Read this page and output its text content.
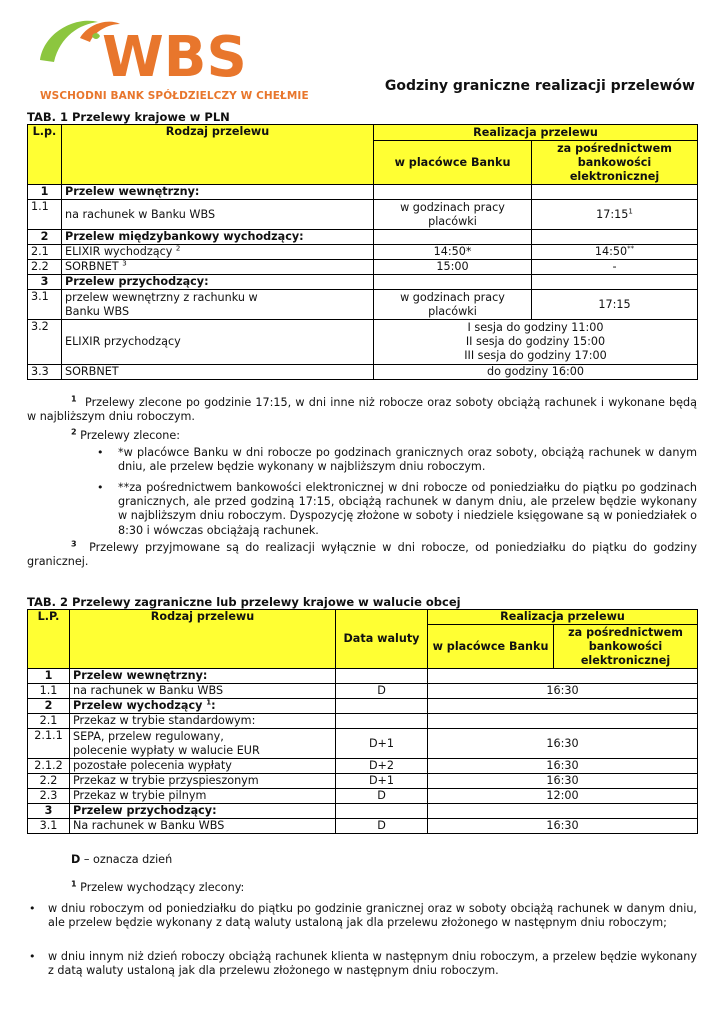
WBS
WSCHODNI BANK SPÓŁDZIELCZY W CHEŁMIE
Godziny graniczne realizacji przelewów
TAB. 1 Przelewy krajowe w PLN
L.p.	Rodzaj przelewu	Realizacja przelewu	
		w placówce Banku	za pośrednictwem bankowości elektronicznej
1	Przelew wewnętrzny:		
1.1	na rachunek w Banku WBS	w godzinach pracy placówki	$17:15^1$
2	Przelew międzybankowy wychodzący:		
2.1	ELIXIR wychodzący $^2$	14:50*	14:50**
2.2	SORBNET $^3$	15:00	-
3	Przelew przychodzący:		
3.1	przelew wewnętrzny z rachunku w Banku WBS	w godzinach pracy placówki	17:15
3.2	ELIXIR przychodzący	I sesja do godziny 11:00
II sesja do godziny 15:00
III sesja do godziny 17:00	

3.3	SORBNET	do godziny 16:00	
$^1$ Przelewy zlecone po godzinie 17:15, w dni inne niż robocze oraz soboty obciążą rachunek i wykonane będą w najbliższym dniu roboczym.
$^2$ Przelewy zlecone:
• *w placówce Banku w dni robocze po godzinach granicznych oraz soboty, obciążą rachunek w danym dniu, ale przelew będzie wykonany w najbliższym dniu roboczym.
• **za pośrednictwem bankowości elektronicznej w dni robocze od poniedziałku do piątku po godzinach granicznych, ale przed godziną 17:15, obciążą rachunek w danym dniu, ale przelew będzie wykonany w najbliższym dniu roboczym. Dyspozycję złożone w soboty i niedziele księgowane są w poniedziałek o 8:30 i wówczas obciążają rachunek.
$^3$ Przelewy przyjmowane są do realizacji wyłącznie w dni robocze, od poniedziałku do piątku do godziny granicznej.
TAB. 2 Przelewy zagraniczne lub przelewy krajowe w walucie obcej
L.P.	Rodzaj przelewu	Data waluty	Realizacja przelewu	
			w placówce Banku	za pośrednictwem bankowości elektronicznej
1	Przelew wewnętrzny:			
1.1	na rachunek w Banku WBS	D	16:30	
2	Przelew wychodzący $^1$:			
2.1	Przekaz w trybie standardowym:			
2.1.1	SEPA, przelew regulowany, polecenie wypłaty w walucie EUR	D+1	16:30	
2.1.2	pozostałe polecenia wypłaty	D+2	16:30	
2.2	Przekaz w trybie przyspieszonym	D+1	16:30	
2.3	Przekaz w trybie pilnym	D	12:00	
3	Przelew przychodzący:			
3.1	Na rachunek w Banku WBS	D	16:30	
D – oznacza dzień
$^1$ Przelew wychodzący zlecony:
• w dniu roboczym od poniedziałku do piątku po godzinie granicznej oraz w soboty obciążą rachunek w danym dniu, ale przelew będzie wykonany z datą waluty ustaloną jak dla przelewu złożonego w następnym dniu roboczym;
• w dniu innym niż dzień roboczy obciążą rachunek klienta w następnym dniu roboczym, a przelew będzie wykonany z datą waluty ustaloną jak dla przelewu złożonego w następnym dniu roboczym.
